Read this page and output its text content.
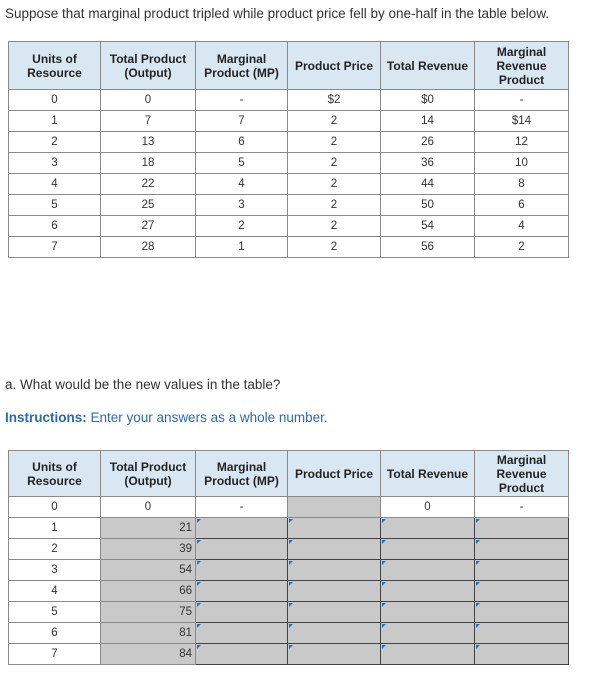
Suppose that marginal product tripled while product price fell by one-half in the table below.
Units of Resource	Total Product (Output)	Marginal Product (MP)	Product Price	Total Revenue	Marginal Revenue Product
0	0	-	$2	$0	-
1	7	7	2	14	$14
2	13	6	2	26	12
3	18	5	2	36	10
4	22	4	2	44	8
5	25	3	2	50	6
6	27	2	2	54	4
7	28	1	2	56	2
a. What would be the new values in the table?
Instructions: Enter your answers as a whole number.
Units of Resource	Total Product (Output)	Marginal Product (MP)	Product Price	Total Revenue	Marginal Revenue Product
0	0	-		0	-
1	21				
2	39				
3	54				
4	66				
5	75				
6	81				
7	84				
